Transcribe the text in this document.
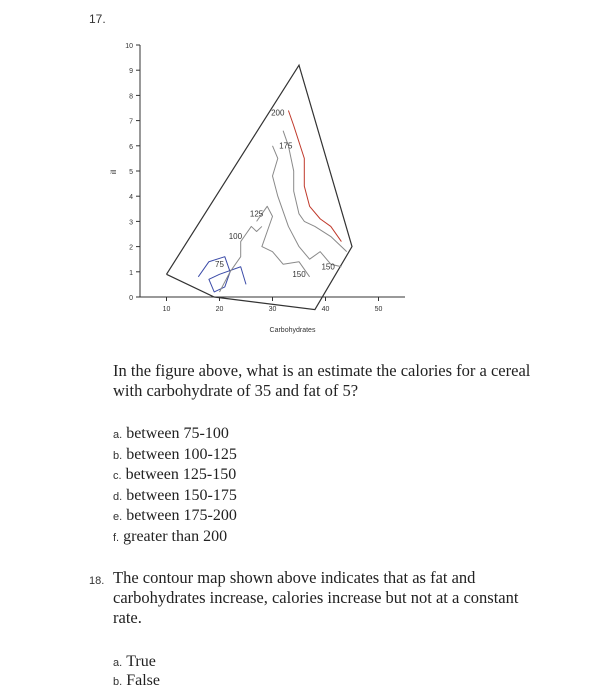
17.
0
1
2
3
4
5
6
7
8
9
10
10	20	30	40	50
Carbohydrates
ill
75
100
125
150
150
175
200
In the figure above, what is an estimate the calories for a cereal with carbohydrate of 35 and fat of 5?
a. between 75-100
b. between 100-125
c. between 125-150
d. between 150-175
e. between 175-200
f. greater than 200
18. The contour map shown above indicates that as fat and carbohydrates increase, calories increase but not at a constant rate.
a. True
b. False
